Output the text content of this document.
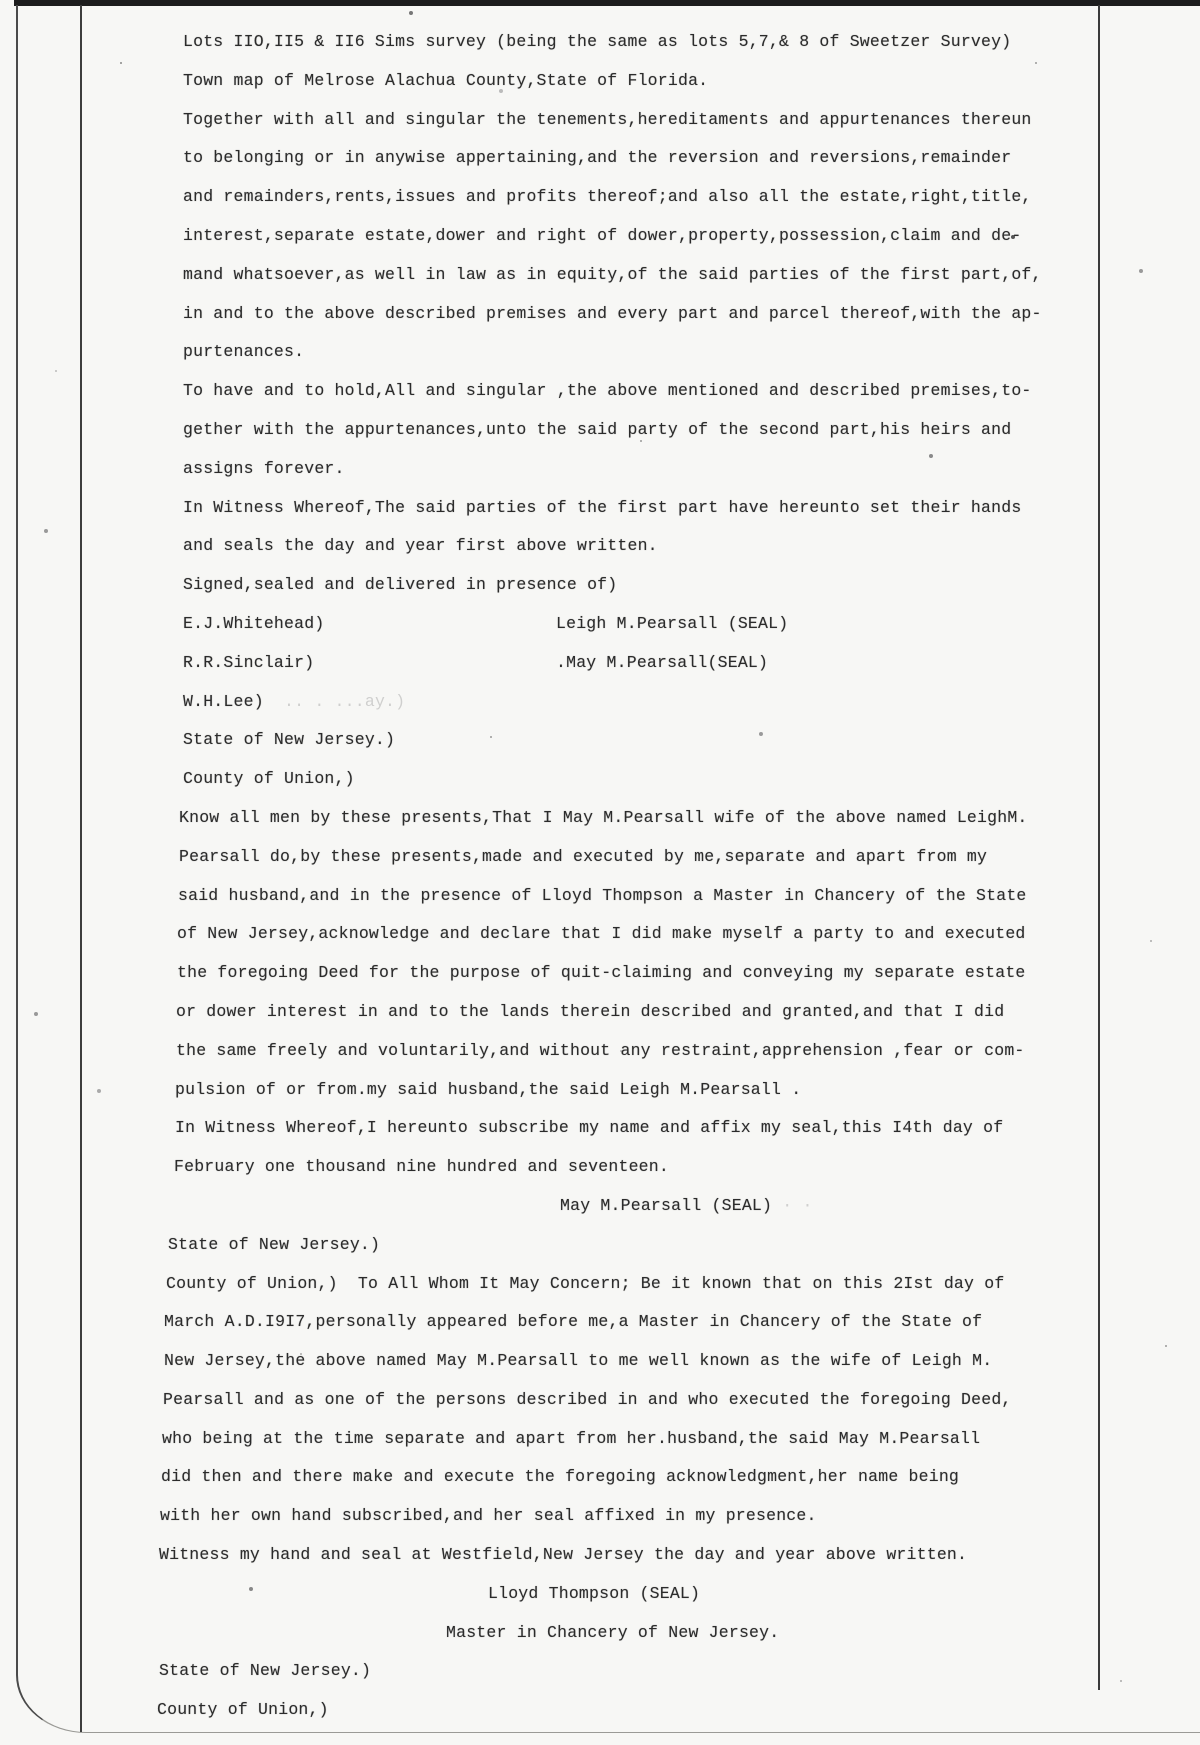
Lots IIO,II5 & II6 Sims survey (being the same as lots 5,7,& 8 of Sweetzer Survey)
Town map of Melrose Alachua County,State of Florida.
Together with all and singular the tenements,hereditaments and appurtenances thereun
to belonging or in anywise appertaining,and the reversion and reversions,remainder
and remainders,rents,issues and profits thereof;and also all the estate,right,title,
interest,separate estate,dower and right of dower,property,possession,claim and de-
mand whatsoever,as well in law as in equity,of the said parties of the first part,of,
in and to the above described premises and every part and parcel thereof,with the ap-
purtenances.
To have and to hold,All and singular ,the above mentioned and described premises,to-
gether with the appurtenances,unto the said party of the second part,his heirs and
assigns forever.
In Witness Whereof,The said parties of the first part have hereunto set their hands
and seals the day and year first above written.
Signed,sealed and delivered in presence of)
E.J.Whitehead)	Leigh M.Pearsall (SEAL)
R.R.Sinclair)	.May M.Pearsall(SEAL)
W.H.Lee)  .. . ...ay.)
State of New Jersey.)
County of Union,)
Know all men by these presents,That I May M.Pearsall wife of the above named LeighM.
Pearsall do,by these presents,made and executed by me,separate and apart from my
said husband,and in the presence of Lloyd Thompson a Master in Chancery of the State
of New Jersey,acknowledge and declare that I did make myself a party to and executed
the foregoing Deed for the purpose of quit-claiming and conveying my separate estate
or dower interest in and to the lands therein described and granted,and that I did
the same freely and voluntarily,and without any restraint,apprehension ,fear or com-
pulsion of or from.my said husband,the said Leigh M.Pearsall .
In Witness Whereof,I hereunto subscribe my name and affix my seal,this I4th day of
February one thousand nine hundred and seventeen.
May M.Pearsall (SEAL) · ·
State of New Jersey.)
County of Union,)  To All Whom It May Concern; Be it known that on this 2Ist day of
March A.D.I9I7,personally appeared before me,a Master in Chancery of the State of
New Jersey,the above named May M.Pearsall to me well known as the wife of Leigh M.
Pearsall and as one of the persons described in and who executed the foregoing Deed,
who being at the time separate and apart from her.husband,the said May M.Pearsall
did then and there make and execute the foregoing acknowledgment,her name being
with her own hand subscribed,and her seal affixed in my presence.
Witness my hand and seal at Westfield,New Jersey the day and year above written.
Lloyd Thompson (SEAL)
Master in Chancery of New Jersey.
State of New Jersey.)
County of Union,)
